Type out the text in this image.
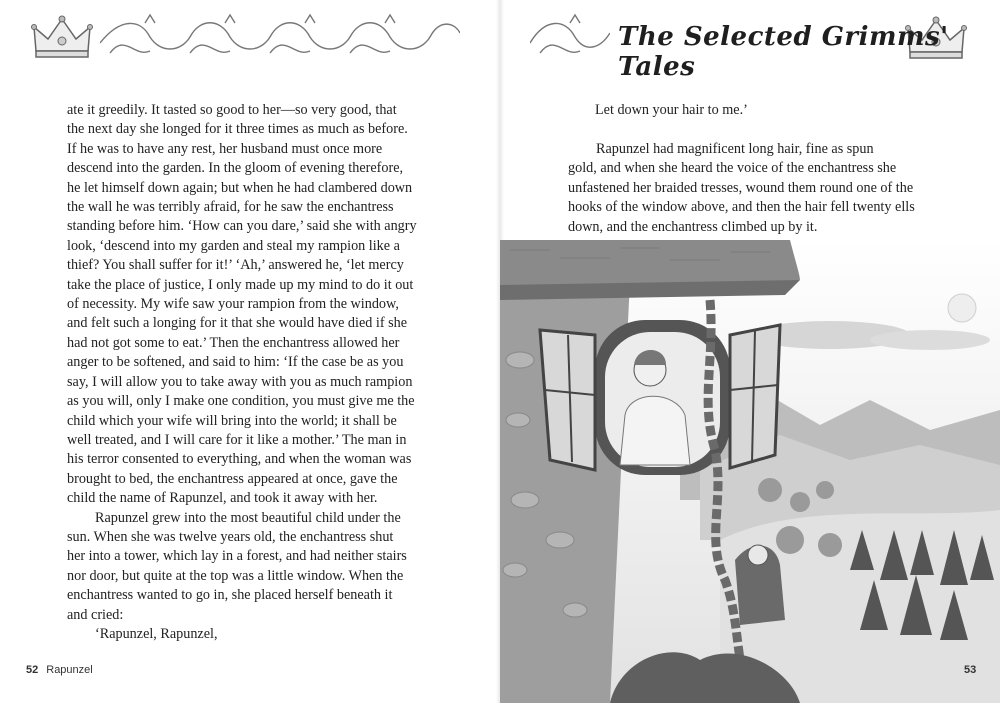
The Selected Grimms' Tales
ate it greedily. It tasted so good to her—so very good, that
the next day she longed for it three times as much as before.
If he was to have any rest, her husband must once more
descend into the garden. In the gloom of evening therefore,
he let himself down again; but when he had clambered down
the wall he was terribly afraid, for he saw the enchantress
standing before him. ‘How can you dare,’ said she with angry
look, ‘descend into my garden and steal my rampion like a
thief? You shall suffer for it!’ ‘Ah,’ answered he, ‘let mercy
take the place of justice, I only made up my mind to do it out
of necessity. My wife saw your rampion from the window,
and felt such a longing for it that she would have died if she
had not got some to eat.’ Then the enchantress allowed her
anger to be softened, and said to him: ‘If the case be as you
say, I will allow you to take away with you as much rampion
as you will, only I make one condition, you must give me the
child which your wife will bring into the world; it shall be
well treated, and I will care for it like a mother.’ The man in
his terror consented to everything, and when the woman was
brought to bed, the enchantress appeared at once, gave the
child the name of Rapunzel, and took it away with her.
Rapunzel grew into the most beautiful child under the
sun. When she was twelve years old, the enchantress shut
her into a tower, which lay in a forest, and had neither stairs
nor door, but quite at the top was a little window. When the
enchantress wanted to go in, she placed herself beneath it
and cried:
‘Rapunzel, Rapunzel,
Let down your hair to me.’
Rapunzel had magnificent long hair, fine as spun
gold, and when she heard the voice of the enchantress she
unfastened her braided tresses, wound them round one of the
hooks of the window above, and then the hair fell twenty ells
down, and the enchantress climbed up by it.
52 Rapunzel	53
